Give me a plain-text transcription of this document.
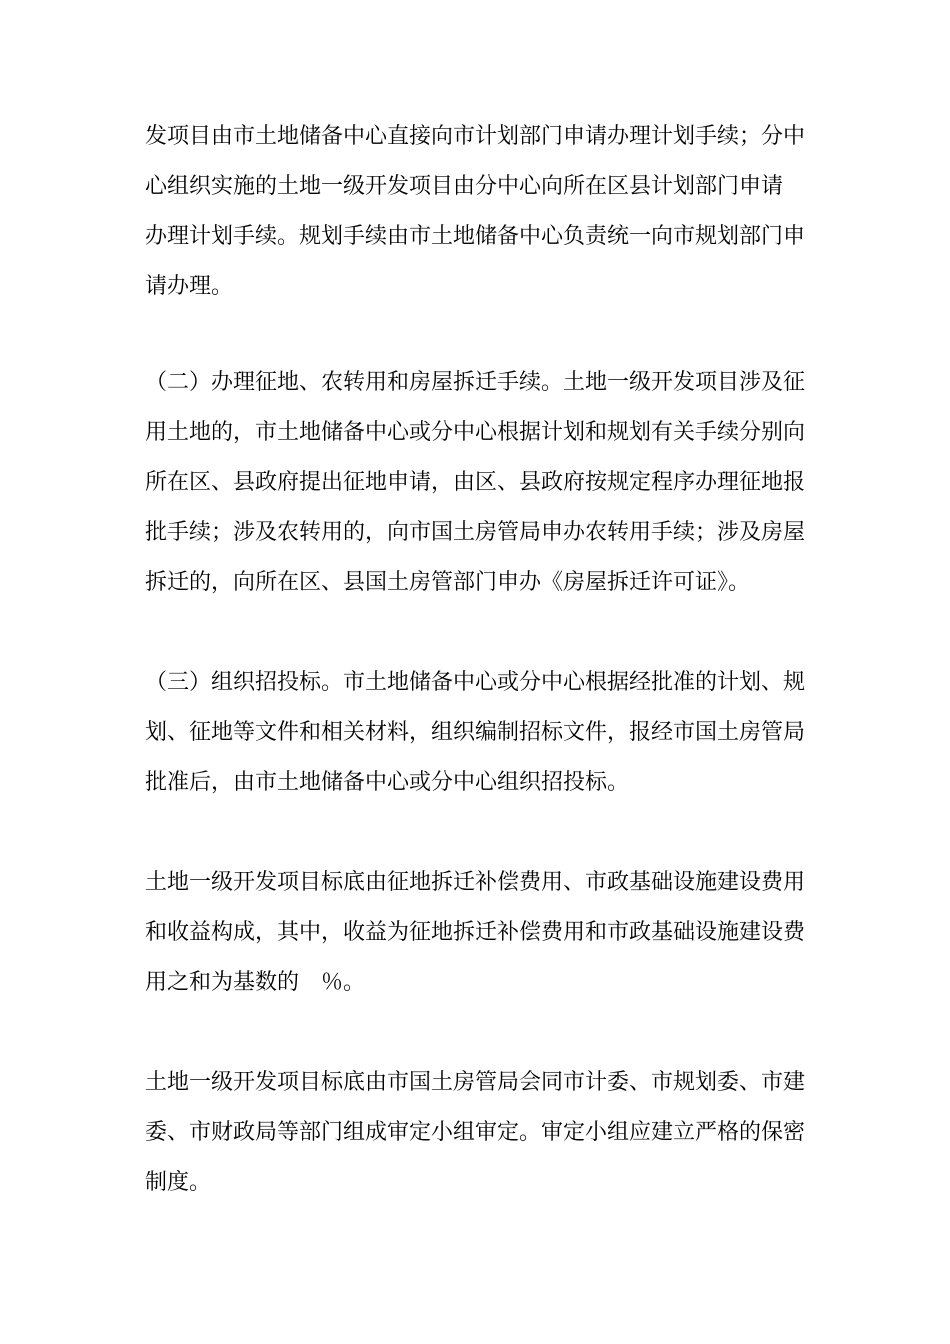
发项目由市土地储备中心直接向市计划部门申请办理计划手续；分中
心组织实施的土地一级开发项目由分中心向所在区县计划部门申请
办理计划手续。规划手续由市土地储备中心负责统一向市规划部门申
请办理。
（二）办理征地、农转用和房屋拆迁手续。土地一级开发项目涉及征
用土地的，市土地储备中心或分中心根据计划和规划有关手续分别向
所在区、县政府提出征地申请，由区、县政府按规定程序办理征地报
批手续；涉及农转用的，向市国土房管局申办农转用手续；涉及房屋
拆迁的，向所在区、县国土房管部门申办《房屋拆迁许可证》。
（三）组织招投标。市土地储备中心或分中心根据经批准的计划、规
划、征地等文件和相关材料，组织编制招标文件，报经市国土房管局
批准后，由市土地储备中心或分中心组织招投标。
土地一级开发项目标底由征地拆迁补偿费用、市政基础设施建设费用
和收益构成，其中，收益为征地拆迁补偿费用和市政基础设施建设费
用之和为基数的　％。
土地一级开发项目标底由市国土房管局会同市计委、市规划委、市建
委、市财政局等部门组成审定小组审定。审定小组应建立严格的保密
制度。
